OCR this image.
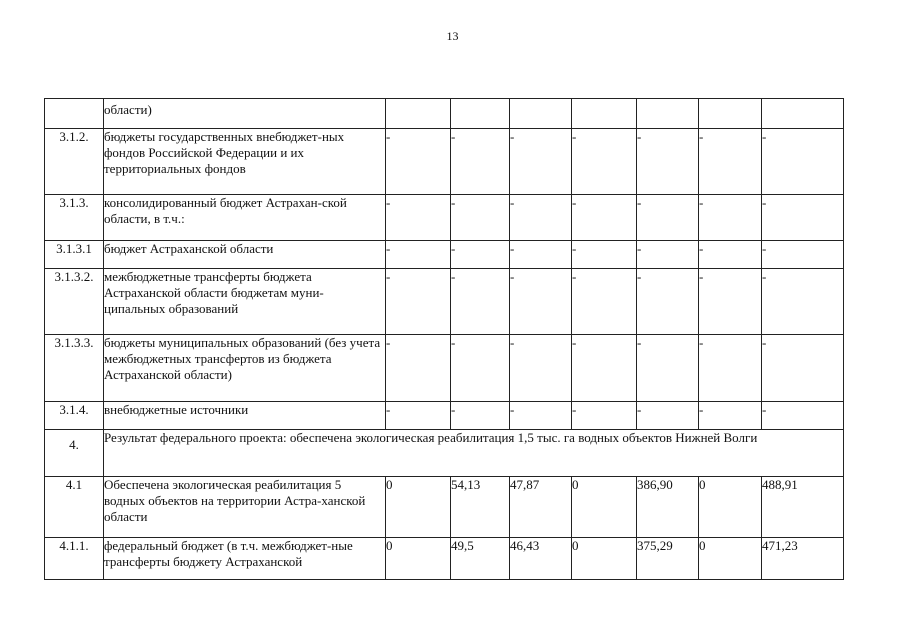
13
	области)							
3.1.2.	бюджеты государственных внебюджет-ных фондов Российской Федерации и их территориальных фондов	-	-	-	-	-	-	-
3.1.3.	консолидированный бюджет Астрахан-ской области, в т.ч.:	-	-	-	-	-	-	-
3.1.3.1	бюджет Астраханской области	-	-	-	-	-	-	-
3.1.3.2.	межбюджетные трансферты бюджета Астраханской области бюджетам муни-ципальных образований	-	-	-	-	-	-	-
3.1.3.3.	бюджеты муниципальных образований (без учета межбюджетных трансфертов из бюджета Астраханской области)	-	-	-	-	-	-	-
3.1.4.	внебюджетные источники	-	-	-	-	-	-	-
4.	Результат федерального проекта: обеспечена экологическая реабилитация 1,5 тыс. га водных объектов Нижней Волги							
4.1	Обеспечена экологическая реабилитация 5 водных объектов на территории Астра-ханской области	0	54,13	47,87	0	386,90	0	488,91
4.1.1.	федеральный бюджет (в т.ч. межбюджет-ные трансферты бюджету Астраханской	0	49,5	46,43	0	375,29	0	471,23
